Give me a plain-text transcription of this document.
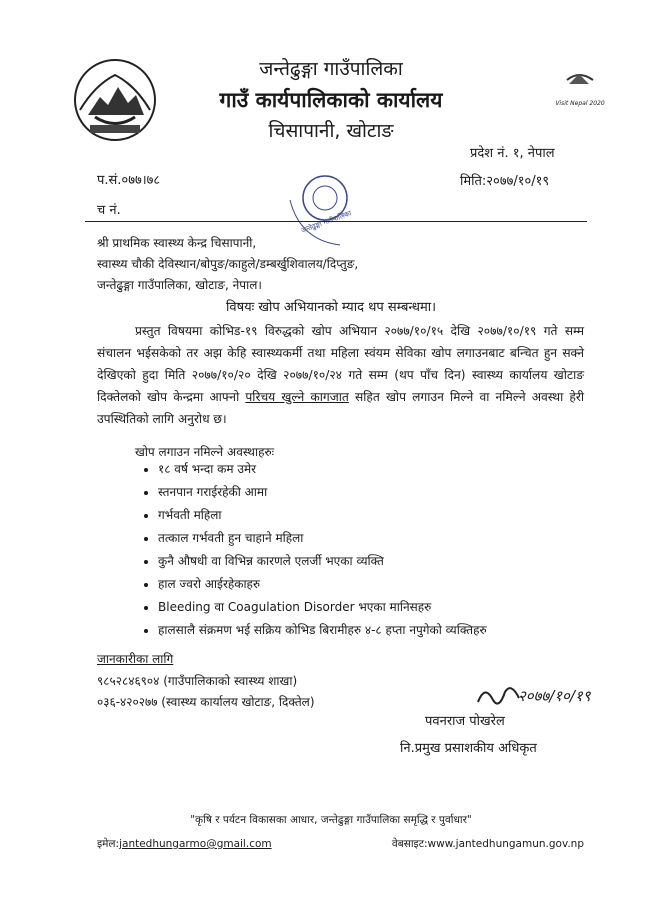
जन्तेढुङ्गा गाउँपालिका
गाउँ कार्यपालिकाको कार्यालय
चिसापानी, खोटाङ
Visit Nepal 2020
प्रदेश नं. १, नेपाल
मिति:२०७७/१०/१९
प.सं.०७७।७८
च नं.	जन्तेढुङ्गा गाउँपालिका
श्री प्राथमिक स्वास्थ्य केन्द्र चिसापानी,
स्वास्थ्य चौकी देविस्थान/बोपुङ/काहुले/डम्बर्खुशिवालय/दिप्तुङ,
जन्तेढुङ्गा गाउँपालिका, खोटाङ, नेपाल।
विषयः खोप अभियानको म्याद थप सम्बन्धमा।
प्रस्तुत विषयमा कोभिड-१९ विरुद्धको खोप अभियान २०७७/१०/१५ देखि २०७७/१०/१९ गते सम्म संचालन भईसकेको तर अझ केहि स्वास्थ्यकर्मी तथा महिला स्वंयम सेविका खोप लगाउनबाट बन्चित हुन सक्ने देखिएको हुदा मिति २०७७/१०/२० देखि २०७७/१०/२४ गते सम्म (थप पाँच दिन) स्वास्थ्य कार्यालय खोटाङ दिक्तेलको खोप केन्द्रमा आफ्नो परिचय खुल्ने कागजात सहित खोप लगाउन मिल्ने वा नमिल्ने अवस्था हेरी उपस्थितिको लागि अनुरोध छ।
खोप लगाउन नमिल्ने अवस्थाहरुः
• १८ वर्ष भन्दा कम उमेर
• स्तनपान गराईरहेकी आमा
• गर्भवती महिला
• तत्काल गर्भवती हुन चाहाने महिला
• कुनै औषधी वा विभिन्न कारणले एलर्जी भएका व्यक्ति
• हाल ज्वरो आईरहेकाहरु
• Bleeding वा Coagulation Disorder भएका मानिसहरु
• हालसालै संक्रमण भई सक्रिय कोभिड बिरामीहरु ४-८ हप्ता नपुगेको व्यक्तिहरु
जानकारीका लागि
९८५२८४६९०४ (गाउँपालिकाको स्वास्थ्य शाखा)
०३६-४२०२७७ (स्वास्थ्य कार्यालय खोटाङ, दिक्तेल)	२०७७/१०/१९
पवनराज पोखरेल
नि.प्रमुख प्रसाशकीय अधिकृत
"कृषि र पर्यटन विकासका आधार, जन्तेढुङ्गा गाउँपालिका समृद्धि र पुर्वाधार"
इमेल:jantedhungarmo@gmail.com	वेबसाइट:www.jantedhungamun.gov.np
